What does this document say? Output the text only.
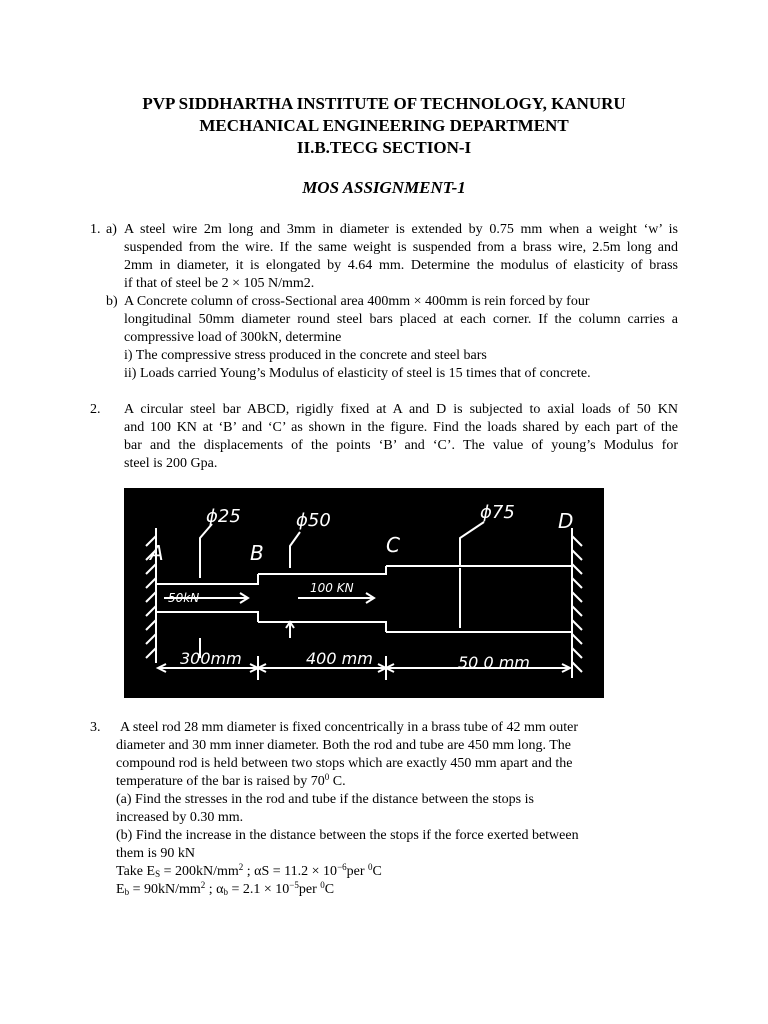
PVP SIDDHARTHA INSTITUTE OF TECHNOLOGY, KANURU
MECHANICAL ENGINEERING DEPARTMENT
II.B.TECG SECTION-I
MOS ASSIGNMENT-1
1. a) A steel wire 2m long and 3mm in diameter is extended by 0.75 mm when a weight ‘w’ is
suspended from the wire. If the same weight is suspended from a brass wire, 2.5m long and
2mm in diameter, it is elongated by 4.64 mm. Determine the modulus of elasticity of brass
if that of steel be 2 × 105 N/mm2.
b) A Concrete column of cross-Sectional area 400mm × 400mm is rein forced by four
longitudinal 50mm diameter round steel bars placed at each corner. If the column carries a
compressive load of 300kN, determine
i) The compressive stress produced in the concrete and steel bars
ii) Loads carried Young’s Modulus of elasticity of steel is 15 times that of concrete.
2. A circular steel bar ABCD, rigidly fixed at A and D is subjected to axial loads of 50 KN
and 100 KN at ‘B’ and ‘C’ as shown in the figure. Find the loads shared by each part of the
bar and the displacements of the points ‘B’ and ‘C’. The value of young’s Modulus for
steel is 200 Gpa.
A	B	C
D
ϕ25	ϕ50	ϕ75
50kN
100 KN
300mm	400 mm	50 0 mm
3. A steel rod 28 mm diameter is fixed concentrically in a brass tube of 42 mm outer
diameter and 30 mm inner diameter. Both the rod and tube are 450 mm long. The
compound rod is held between two stops which are exactly 450 mm apart and the
temperature of the bar is raised by $70^0$ C.
(a) Find the stresses in the rod and tube if the distance between the stops is
increased by 0.30 mm.
(b) Find the increase in the distance between the stops if the force exerted between
them is 90 kN
Take $E_S = 200kN/mm^2$ ; $\alpha S = 11.2 \times 10^{-6}per$ $^0$C
$E_b = 90kN/mm^2$ ; $\alpha_b = 2.1 \times 10^{-5}per$ $^0$C
